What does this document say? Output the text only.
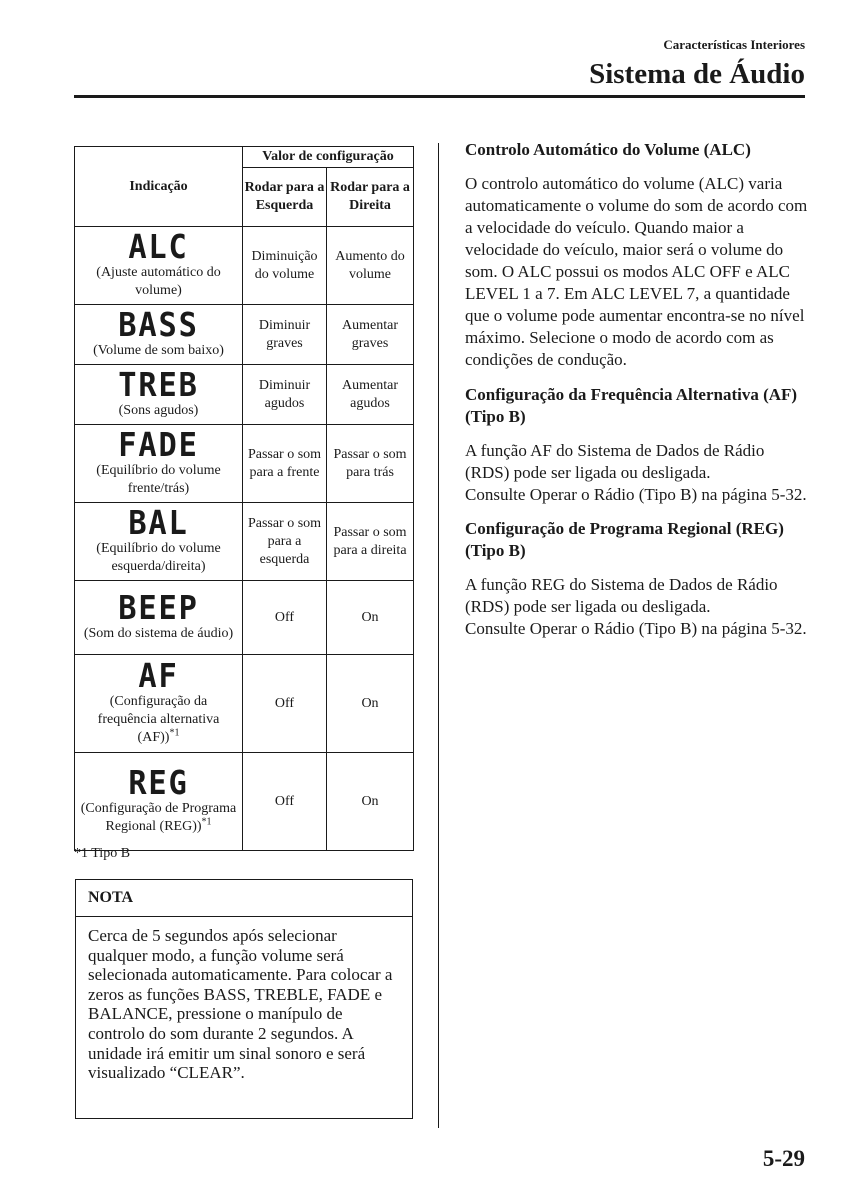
Características Interiores
Sistema de Áudio
Indicação	Valor de configuração	
	Rodar para a Esquerda	Rodar para a Direita

ALC
(Ajuste automático do volume)	Diminuição do volume	Aumento do volume

BASS
(Volume de som baixo)	Diminuir graves	Aumentar graves

TREB
(Sons agudos)	Diminuir agudos	Aumentar agudos

FADE
(Equilíbrio do volume frente/trás)	Passar o som para a frente	Passar o som para trás

BAL
(Equilíbrio do volume esquerda/direita)	Passar o som para a esquerda	Passar o som para a direita

BEEP
(Som do sistema de áudio)	Off	On

AF
(Configuração da frequência alternativa (AF))$^{*1}$	Off	On

REG
(Configuração de Programa Regional (REG))$^{*1}$	Off	On
*1 Tipo B
NOTA
Cerca de 5 segundos após selecionar qualquer modo, a função volume será selecionada automaticamente. Para colocar a zeros as funções BASS, TREBLE, FADE e BALANCE, pressione o manípulo de controlo do som durante 2 segundos. A unidade irá emitir um sinal sonoro e será visualizado “CLEAR”.
Controlo Automático do Volume (ALC)

O controlo automático do volume (ALC) varia automaticamente o volume do som de acordo com a velocidade do veículo. Quando maior a velocidade do veículo, maior será o volume do som. O ALC possui os modos ALC OFF e ALC LEVEL 1 a 7. Em ALC LEVEL 7, a quantidade que o volume pode aumentar encontra-se no nível máximo. Selecione o modo de acordo com as condições de condução.

Configuração da Frequência Alternativa (AF) (Tipo B)

A função AF do Sistema de Dados de Rádio (RDS) pode ser ligada ou desligada.

Consulte Operar o Rádio (Tipo B) na página 5-32.

Configuração de Programa Regional (REG) (Tipo B)

A função REG do Sistema de Dados de Rádio (RDS) pode ser ligada ou desligada.

Consulte Operar o Rádio (Tipo B) na página 5-32.

5-29
